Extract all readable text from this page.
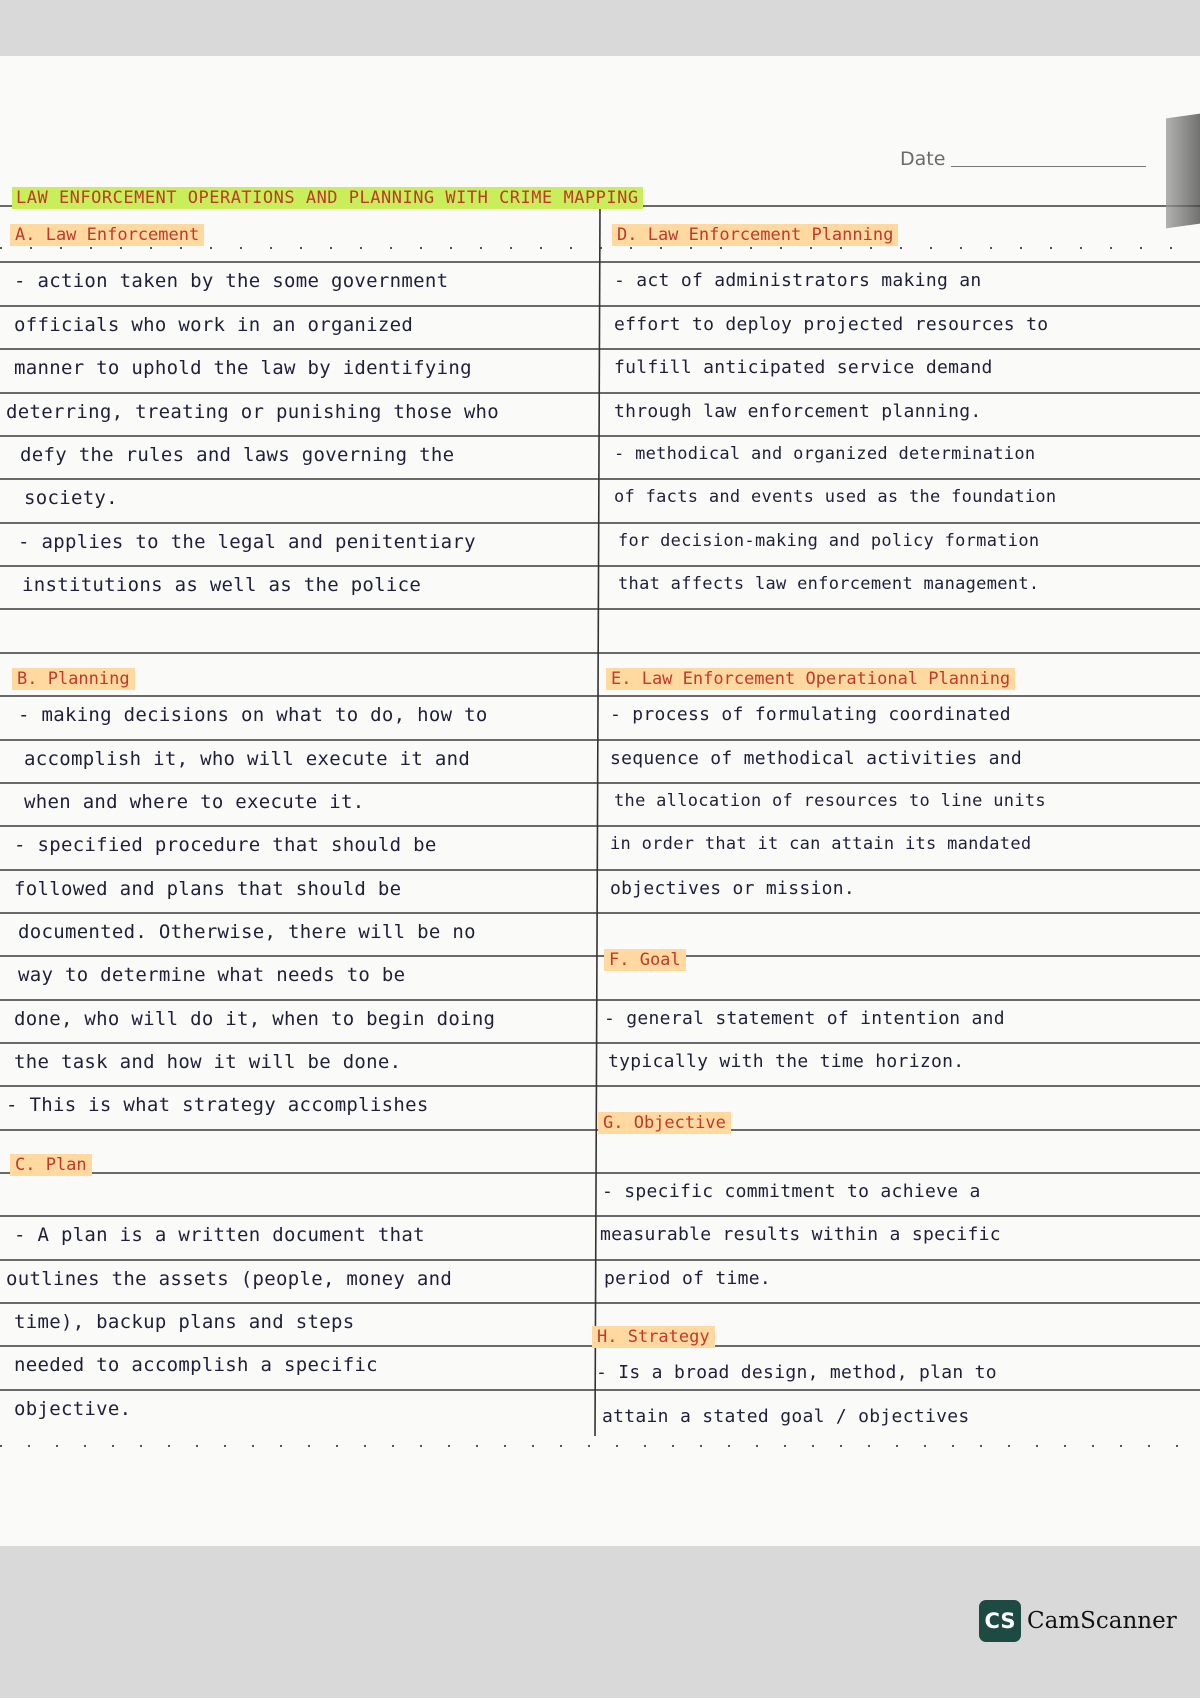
Date
LAW ENFORCEMENT OPERATIONS AND PLANNING WITH CRIME MAPPING
A. Law Enforcement
- action taken by the some government
officials who work in an organized
manner to uphold the law by identifying
deterring, treating or punishing those who
defy the rules and laws governing the
society.
- applies to the legal and penitentiary
institutions as well as the police
B. Planning
- making decisions on what to do, how to
accomplish it, who will execute it and
when and where to execute it.
- specified procedure that should be
followed and plans that should be
documented. Otherwise, there will be no
way to determine what needs to be
done, who will do it, when to begin doing
the task and how it will be done.
- This is what strategy accomplishes
C. Plan
- A plan is a written document that
outlines the assets (people, money and
time), backup plans and steps
needed to accomplish a specific
objective.
D. Law Enforcement Planning
- act of administrators making an
effort to deploy projected resources to
fulfill anticipated service demand
through law enforcement planning.
- methodical and organized determination
of facts and events used as the foundation
for decision-making and policy formation
that affects law enforcement management.
E. Law Enforcement Operational Planning
- process of formulating coordinated
sequence of methodical activities and
the allocation of resources to line units
in order that it can attain its mandated
objectives or mission.
F. Goal
- general statement of intention and
typically with the time horizon.
G. Objective
- specific commitment to achieve a
measurable results within a specific
period of time.
H. Strategy
- Is a broad design, method, plan to
attain a stated goal / objectives
CS CamScanner
